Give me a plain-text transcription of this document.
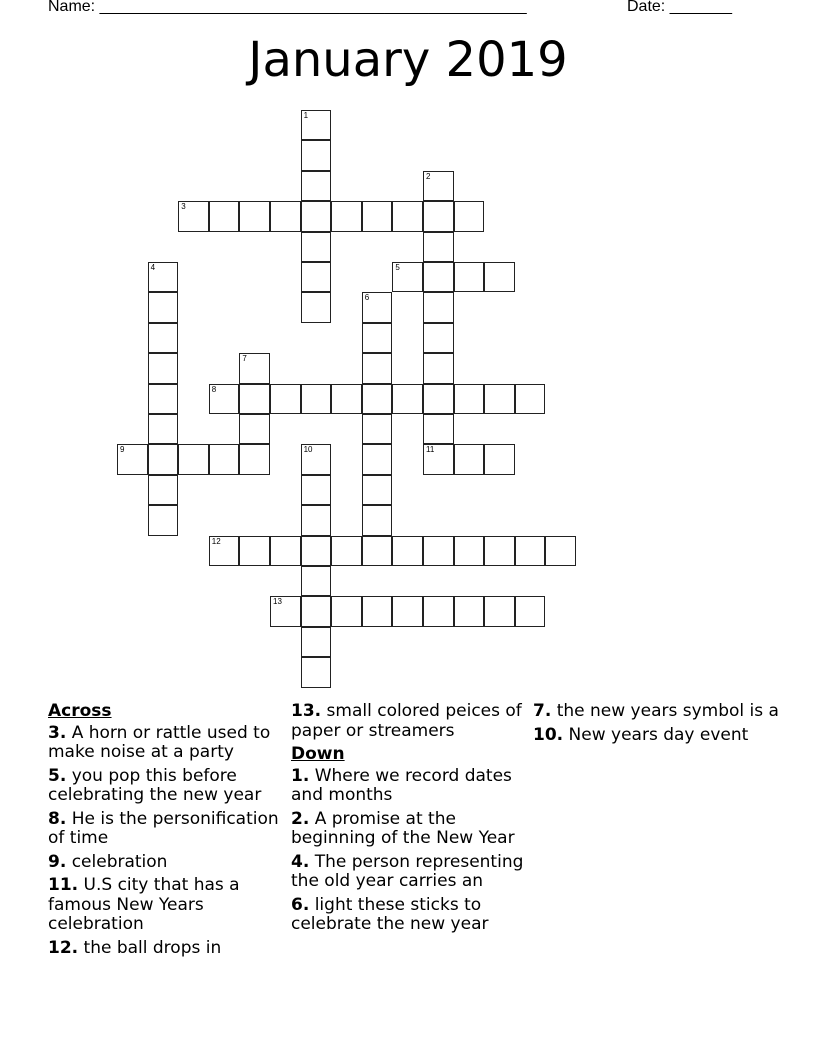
Name: ________________________________________________	Date: _______
January 2019
1
2
3
4	5
6
7
8
9	10	11
12
13
Across
3. A horn or rattle used to make noise at a party
5. you pop this before celebrating the new year
8. He is the personification of time
9. celebration
11. U.S city that has a famous New Years celebration
12. the ball drops in
13. small colored peices of paper or streamers
Down
1. Where we record dates and months
2. A promise at the beginning of the New Year
4. The person representing the old year carries an
6. light these sticks to celebrate the new year
7. the new years symbol is a
10. New years day event
